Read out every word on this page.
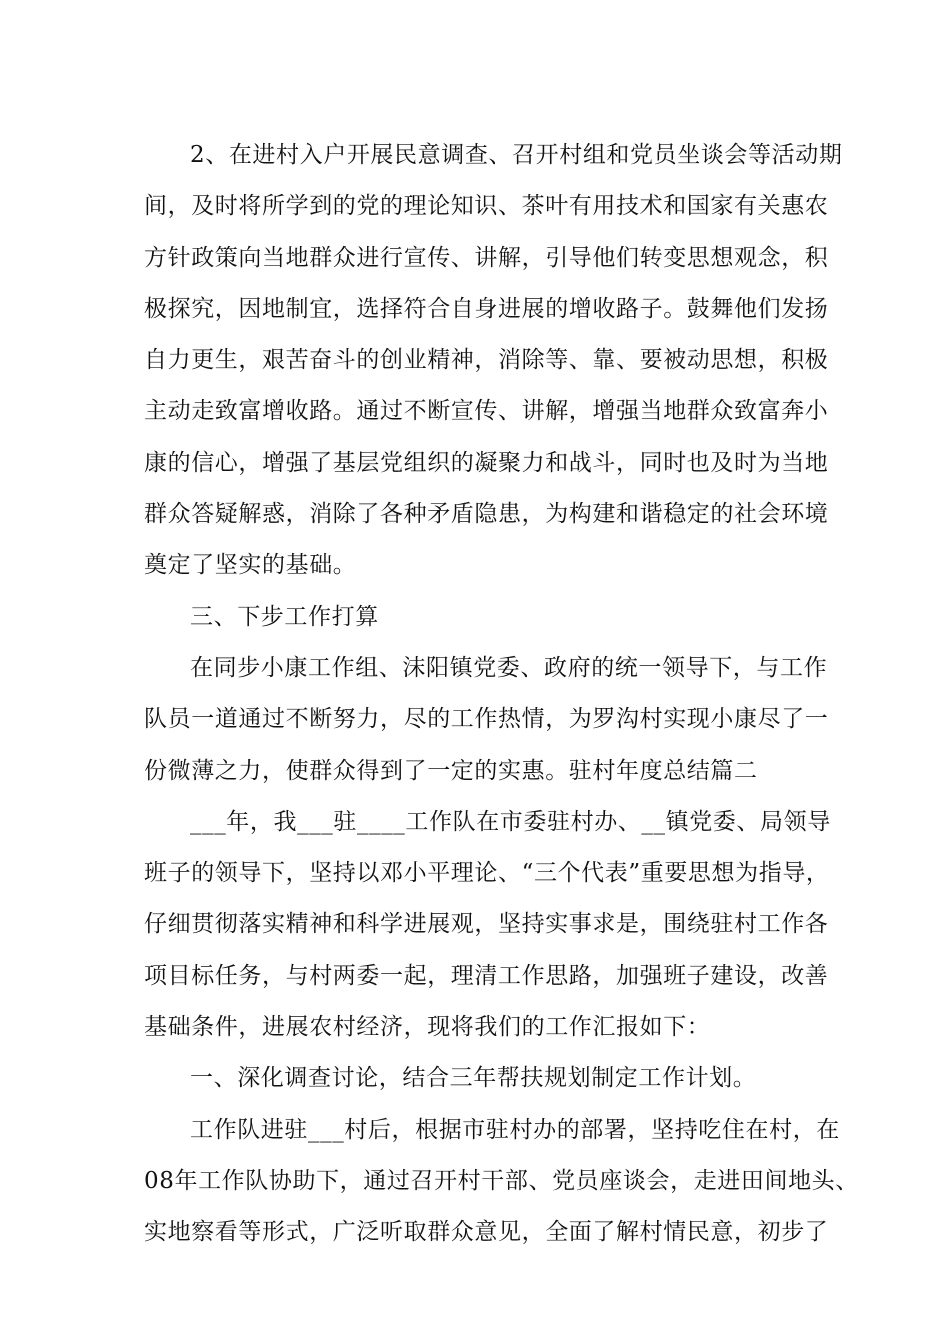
2、在进村入户开展民意调查、召开村组和党员坐谈会等活动期
间，及时将所学到的党的理论知识、茶叶有用技术和国家有关惠农
方针政策向当地群众进行宣传、讲解，引导他们转变思想观念，积
极探究，因地制宜，选择符合自身进展的增收路子。鼓舞他们发扬
自力更生，艰苦奋斗的创业精神，消除等、靠、要被动思想，积极
主动走致富增收路。通过不断宣传、讲解，增强当地群众致富奔小
康的信心，增强了基层党组织的凝聚力和战斗，同时也及时为当地
群众答疑解惑，消除了各种矛盾隐患，为构建和谐稳定的社会环境
奠定了坚实的基础。
三、下步工作打算
在同步小康工作组、沫阳镇党委、政府的统一领导下，与工作
队员一道通过不断努力，尽的工作热情，为罗沟村实现小康尽了一
份微薄之力，使群众得到了一定的实惠。驻村年度总结篇二
___年，我___驻____工作队在市委驻村办、__镇党委、局领导
班子的领导下，坚持以邓小平理论、“三个代表”重要思想为指导，
仔细贯彻落实精神和科学进展观，坚持实事求是，围绕驻村工作各
项目标任务，与村两委一起，理清工作思路，加强班子建设，改善
基础条件，进展农村经济，现将我们的工作汇报如下：
一、深化调查讨论，结合三年帮扶规划制定工作计划。
工作队进驻___村后，根据市驻村办的部署，坚持吃住在村，在
08年工作队协助下，通过召开村干部、党员座谈会，走进田间地头、
实地察看等形式，广泛听取群众意见，全面了解村情民意，初步了
